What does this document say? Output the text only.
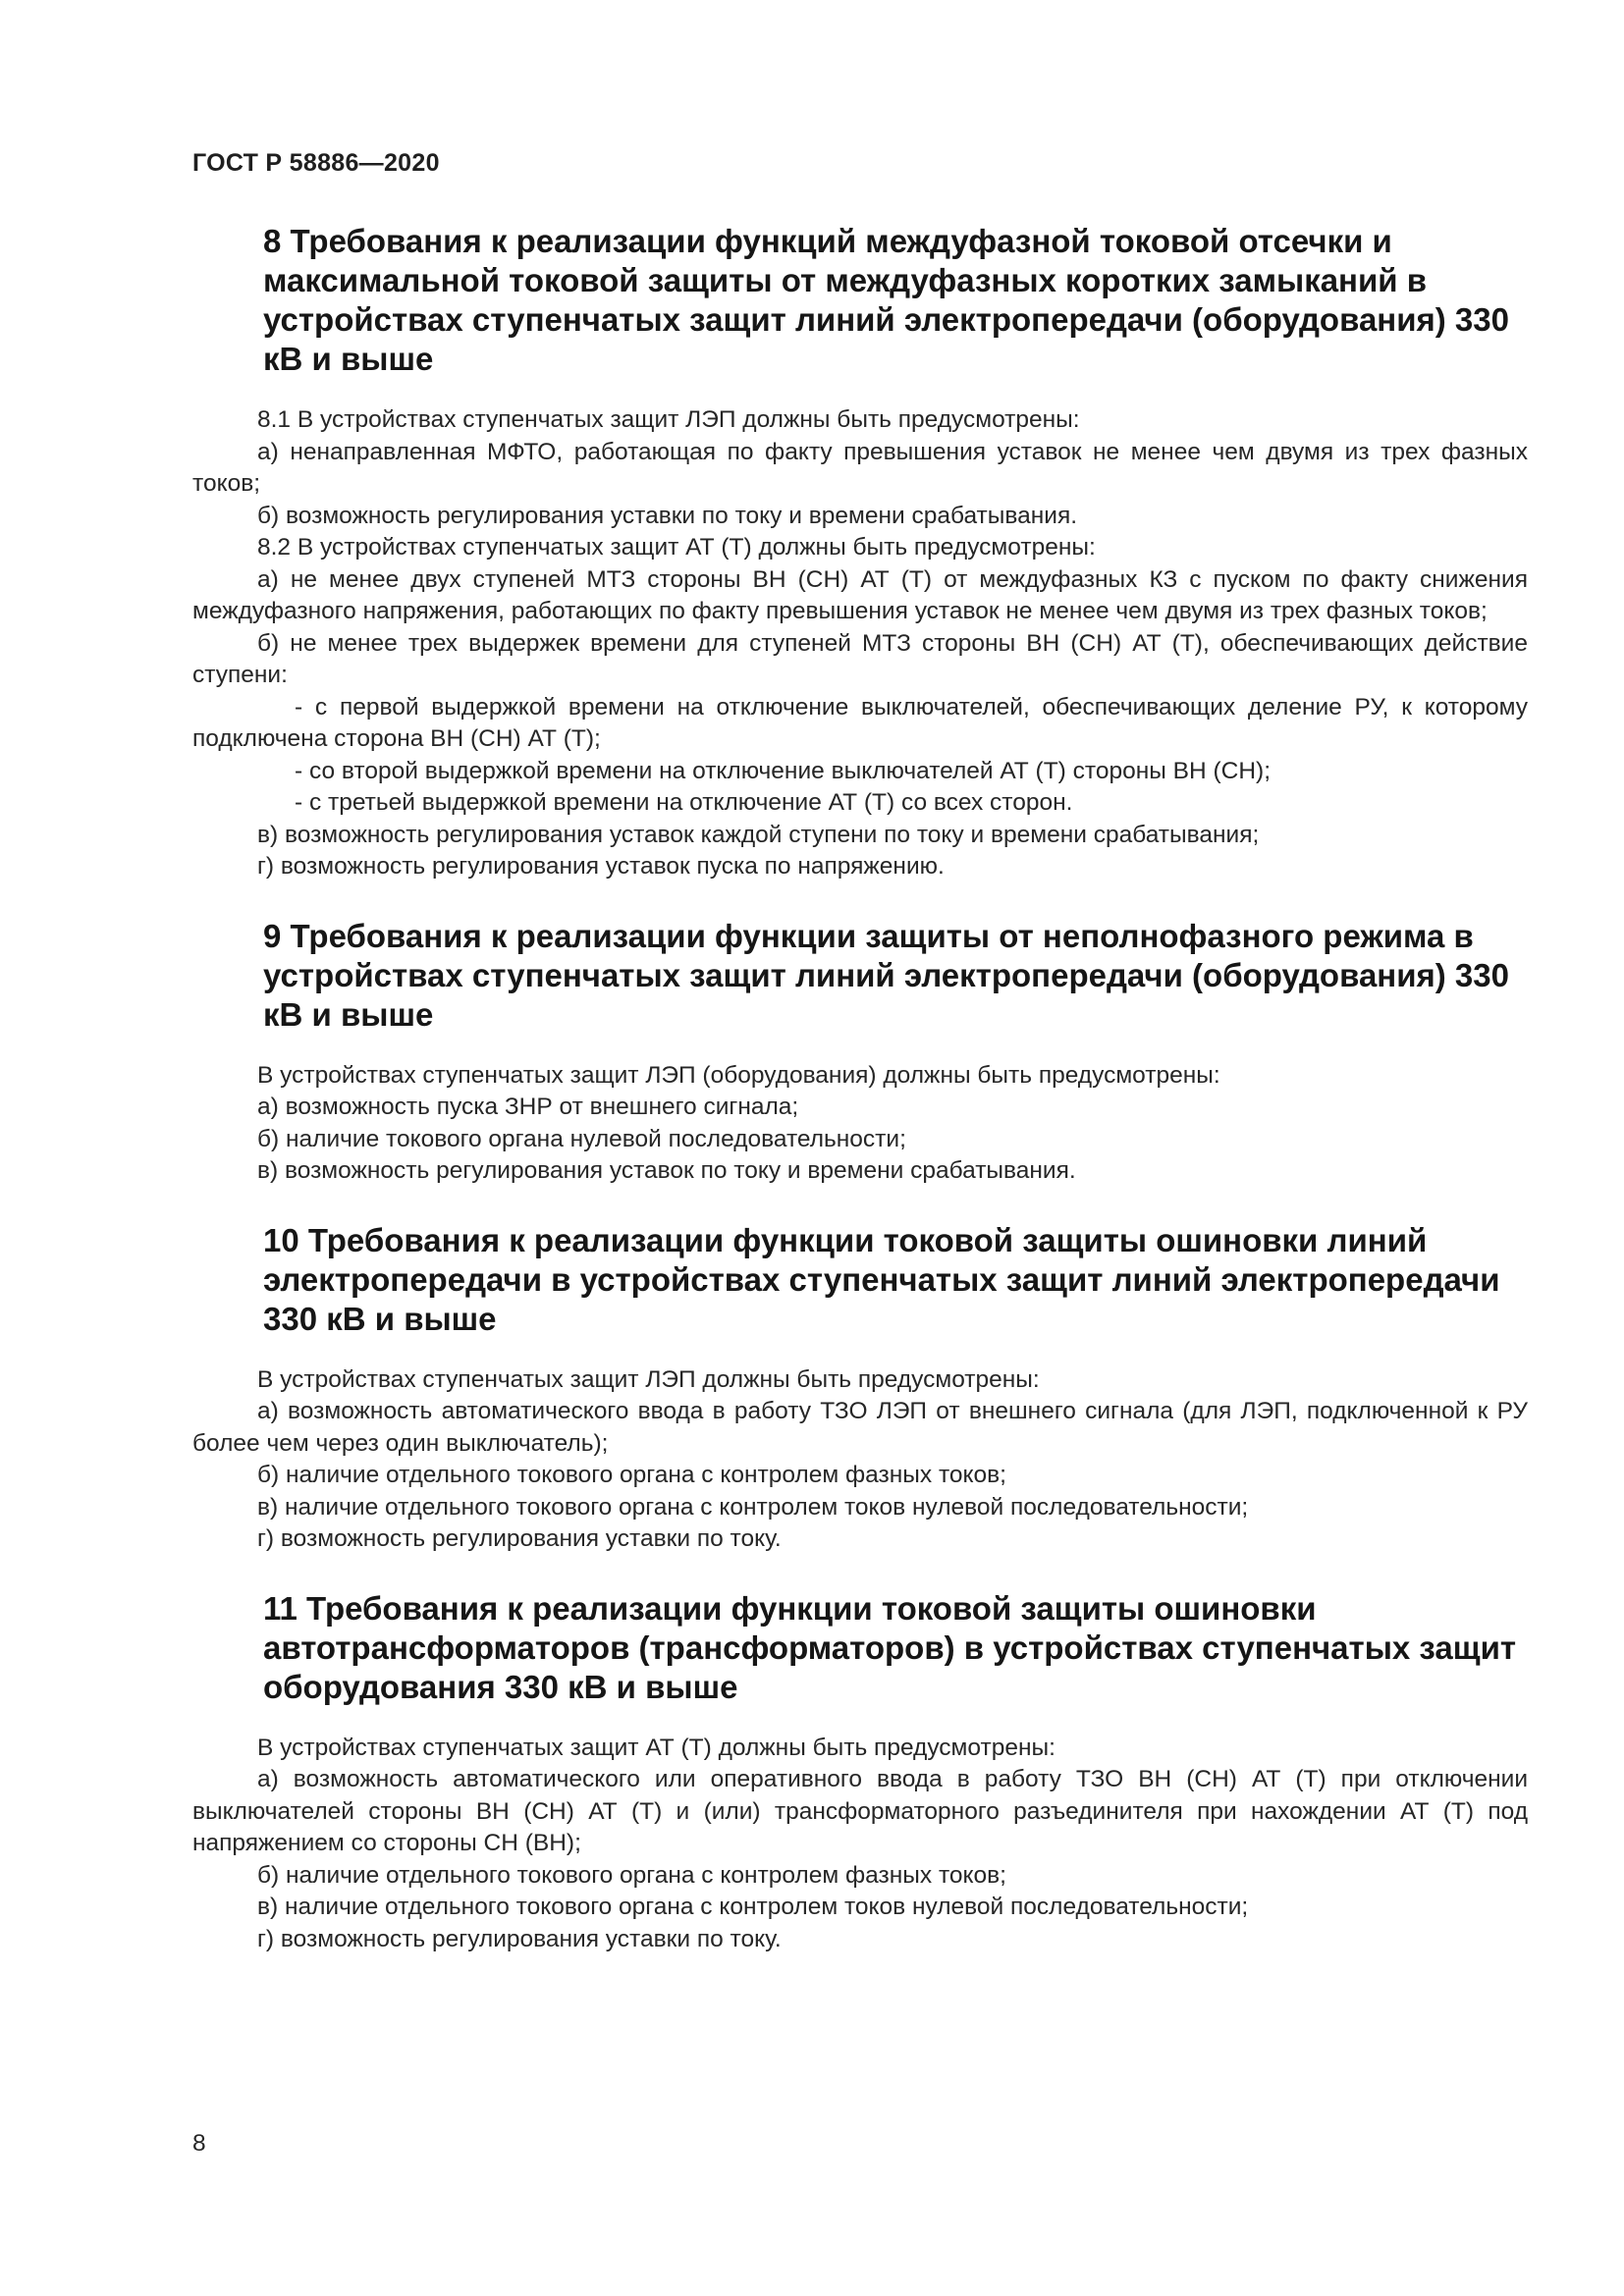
ГОСТ Р 58886—2020
8 Требования к реализации функций междуфазной токовой отсечки и максимальной токовой защиты от междуфазных коротких замыканий в устройствах ступенчатых защит линий электропередачи (оборудования) 330 кВ и выше

8.1 В устройствах ступенчатых защит ЛЭП должны быть предусмотрены:

а) ненаправленная МФТО, работающая по факту превышения уставок не менее чем двумя из трех фазных токов;

б) возможность регулирования уставки по току и времени срабатывания.

8.2 В устройствах ступенчатых защит АТ (Т) должны быть предусмотрены:

а) не менее двух ступеней МТЗ стороны ВН (СН) АТ (Т) от междуфазных КЗ с пуском по факту снижения междуфазного напряжения, работающих по факту превышения уставок не менее чем двумя из трех фазных токов;

б) не менее трех выдержек времени для ступеней МТЗ стороны ВН (СН) АТ (Т), обеспечивающих действие ступени:

- с первой выдержкой времени на отключение выключателей, обеспечивающих деление РУ, к которому подключена сторона ВН (СН) АТ (Т);

- со второй выдержкой времени на отключение выключателей АТ (Т) стороны ВН (СН);

- с третьей выдержкой времени на отключение АТ (Т) со всех сторон.

в) возможность регулирования уставок каждой ступени по току и времени срабатывания;

г) возможность регулирования уставок пуска по напряжению.

9 Требования к реализации функции защиты от неполнофазного режима в устройствах ступенчатых защит линий электропередачи (оборудования) 330 кВ и выше

В устройствах ступенчатых защит ЛЭП (оборудования) должны быть предусмотрены:

а) возможность пуска ЗНР от внешнего сигнала;

б) наличие токового органа нулевой последовательности;

в) возможность регулирования уставок по току и времени срабатывания.

10 Требования к реализации функции токовой защиты ошиновки линий электропередачи в устройствах ступенчатых защит линий электропередачи 330 кВ и выше

В устройствах ступенчатых защит ЛЭП должны быть предусмотрены:

а) возможность автоматического ввода в работу ТЗО ЛЭП от внешнего сигнала (для ЛЭП, подключенной к РУ более чем через один выключатель);

б) наличие отдельного токового органа с контролем фазных токов;

в) наличие отдельного токового органа с контролем токов нулевой последовательности;

г) возможность регулирования уставки по току.

11 Требования к реализации функции токовой защиты ошиновки автотрансформаторов (трансформаторов) в устройствах ступенчатых защит оборудования 330 кВ и выше

В устройствах ступенчатых защит АТ (Т) должны быть предусмотрены:

а) возможность автоматического или оперативного ввода в работу ТЗО ВН (СН) АТ (Т) при отключении выключателей стороны ВН (СН) АТ (Т) и (или) трансформаторного разъединителя при нахождении АТ (Т) под напряжением со стороны СН (ВН);

б) наличие отдельного токового органа с контролем фазных токов;

в) наличие отдельного токового органа с контролем токов нулевой последовательности;

г) возможность регулирования уставки по току.

8
